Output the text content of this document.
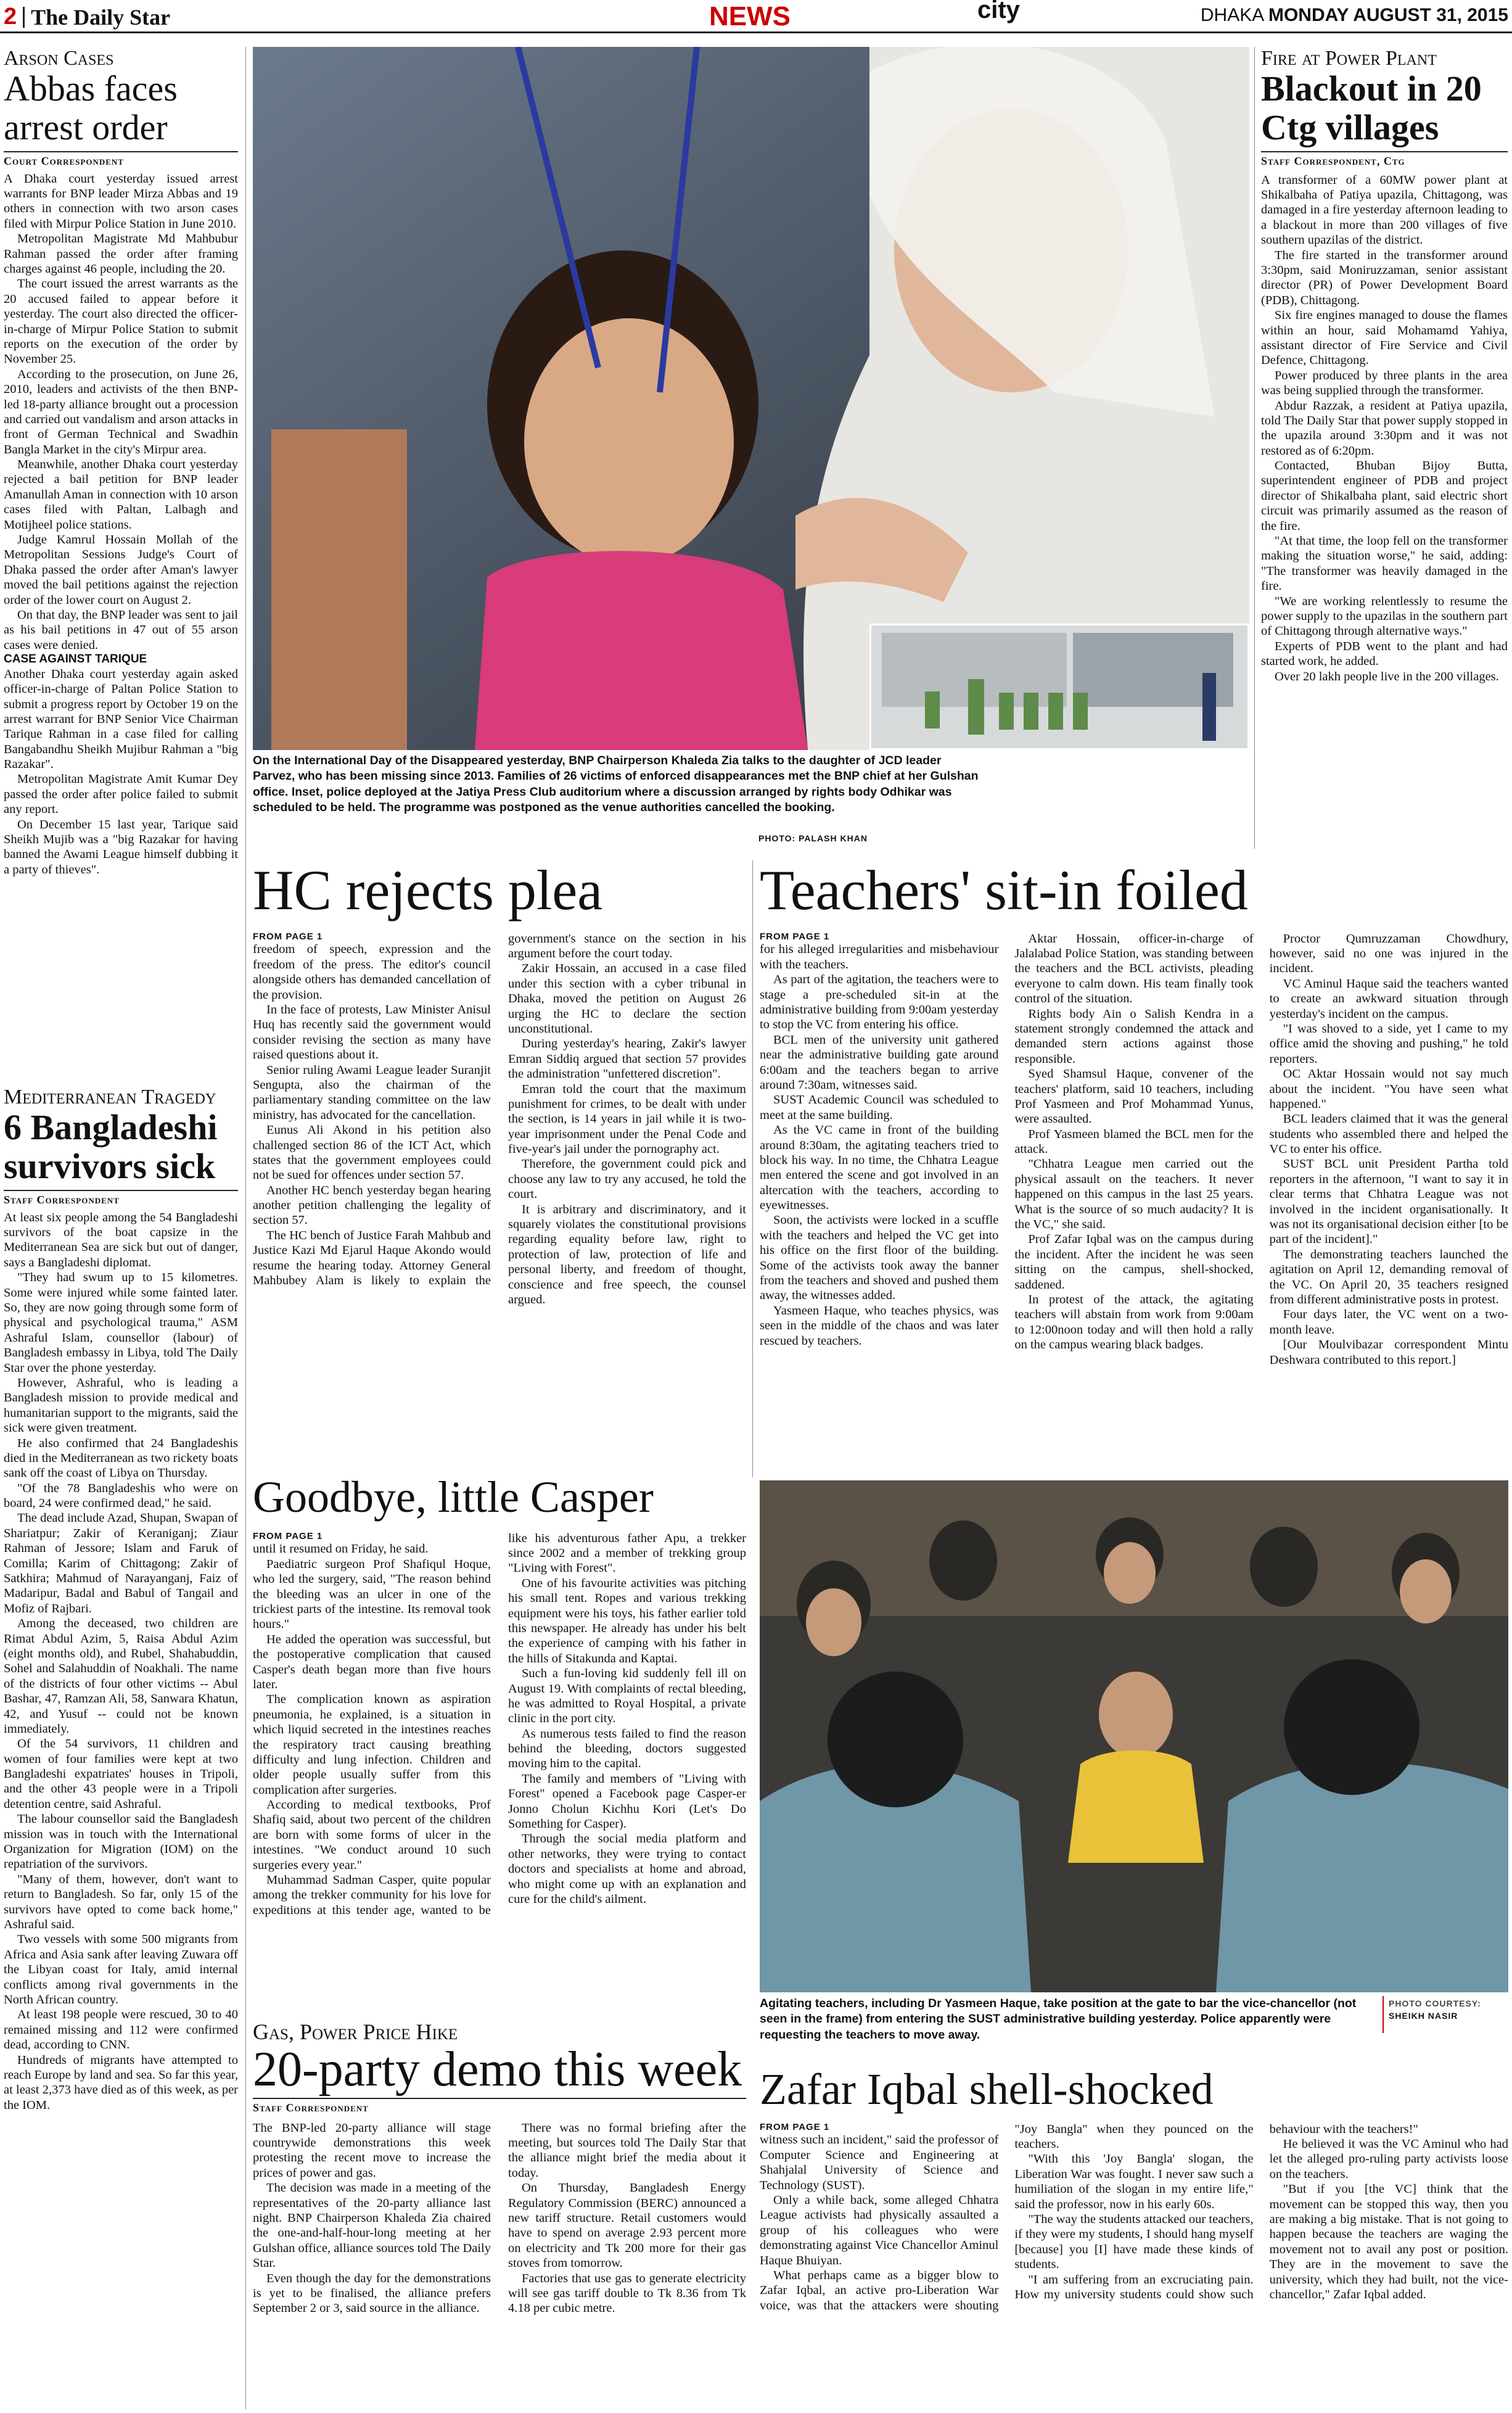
2 The Daily Star	NEWS	city	DHAKA MONDAY AUGUST 31, 2015
Arson Cases
Abbas faces arrest order
Court Correspondent

A Dhaka court yesterday issued arrest warrants for BNP leader Mirza Abbas and 19 others in connection with two arson cases filed with Mirpur Police Station in June 2010.

Metropolitan Magistrate Md Mahbubur Rahman passed the order after framing charges against 46 people, including the 20.

The court issued the arrest warrants as the 20 accused failed to appear before it yesterday. The court also directed the officer-in-charge of Mirpur Police Station to submit reports on the execution of the order by November 25.

According to the prosecution, on June 26, 2010, leaders and activists of the then BNP-led 18-party alliance brought out a procession and carried out vandalism and arson attacks in front of German Technical and Swadhin Bangla Market in the city's Mirpur area.

Meanwhile, another Dhaka court yesterday rejected a bail petition for BNP leader Amanullah Aman in connection with 10 arson cases filed with Paltan, Lalbagh and Motijheel police stations.

Judge Kamrul Hossain Mollah of the Metropolitan Sessions Judge's Court of Dhaka passed the order after Aman's lawyer moved the bail petitions against the rejection order of the lower court on August 2.

On that day, the BNP leader was sent to jail as his bail petitions in 47 out of 55 arson cases were denied.

CASE AGAINST TARIQUE

Another Dhaka court yesterday again asked officer-in-charge of Paltan Police Station to submit a progress report by October 19 on the arrest warrant for BNP Senior Vice Chairman Tarique Rahman in a case filed for calling Bangabandhu Sheikh Mujibur Rahman a "big Razakar".

Metropolitan Magistrate Amit Kumar Dey passed the order after police failed to submit any report.

On December 15 last year, Tarique said Sheikh Mujib was a "big Razakar for having banned the Awami League himself dubbing it a party of thieves".

Mediterranean Tragedy
6 Bangladeshi survivors sick
Staff Correspondent

At least six people among the 54 Bangladeshi survivors of the boat capsize in the Mediterranean Sea are sick but out of danger, says a Bangladeshi diplomat.

"They had swum up to 15 kilometres. Some were injured while some fainted later. So, they are now going through some form of physical and psychological trauma," ASM Ashraful Islam, counsellor (labour) of Bangladesh embassy in Libya, told The Daily Star over the phone yesterday.

However, Ashraful, who is leading a Bangladesh mission to provide medical and humanitarian support to the migrants, said the sick were given treatment.

He also confirmed that 24 Bangladeshis died in the Mediterranean as two rickety boats sank off the coast of Libya on Thursday.

"Of the 78 Bangladeshis who were on board, 24 were confirmed dead," he said.

The dead include Azad, Shupan, Swapan of Shariatpur; Zakir of Keraniganj; Ziaur Rahman of Jessore; Islam and Faruk of Comilla; Karim of Chittagong; Zakir of Satkhira; Mahmud of Narayanganj, Faiz of Madaripur, Badal and Babul of Tangail and Mofiz of Rajbari.

Among the deceased, two children are Rimat Abdul Azim, 5, Raisa Abdul Azim (eight months old), and Rubel, Shahabuddin, Sohel and Salahuddin of Noakhali. The name of the districts of four other victims -- Abul Bashar, 47, Ramzan Ali, 58, Sanwara Khatun, 42, and Yusuf -- could not be known immediately.

Of the 54 survivors, 11 children and women of four families were kept at two Bangladeshi expatriates' houses in Tripoli, and the other 43 people were in a Tripoli detention centre, said Ashraful.

The labour counsellor said the Bangladesh mission was in touch with the International Organization for Migration (IOM) on the repatriation of the survivors.

"Many of them, however, don't want to return to Bangladesh. So far, only 15 of the survivors have opted to come back home," Ashraful said.

Two vessels with some 500 migrants from Africa and Asia sank after leaving Zuwara off the Libyan coast for Italy, amid internal conflicts among rival governments in the North African country.

At least 198 people were rescued, 30 to 40 remained missing and 112 were confirmed dead, according to CNN.

Hundreds of migrants have attempted to reach Europe by land and sea. So far this year, at least 2,373 have died as of this week, as per the IOM.

On the International Day of the Disappeared yesterday, BNP Chairperson Khaleda Zia talks to the daughter of JCD leader Parvez, who has been missing since 2013. Families of 26 victims of enforced disappearances met the BNP chief at her Gulshan office. Inset, police deployed at the Jatiya Press Club auditorium where a discussion arranged by rights body Odhikar was scheduled to be held. The programme was postponed as the venue authorities cancelled the booking.
PHOTO: PALASH KHAN
Fire at Power Plant
Blackout in 20 Ctg villages
Staff Correspondent, Ctg

A transformer of a 60MW power plant at Shikalbaha of Patiya upazila, Chittagong, was damaged in a fire yesterday afternoon leading to a blackout in more than 200 villages of five southern upazilas of the district.

The fire started in the transformer around 3:30pm, said Moniruzzaman, senior assistant director (PR) of Power Development Board (PDB), Chittagong.

Six fire engines managed to douse the flames within an hour, said Mohamamd Yahiya, assistant director of Fire Service and Civil Defence, Chittagong.

Power produced by three plants in the area was being supplied through the transformer.

Abdur Razzak, a resident at Patiya upazila, told The Daily Star that power supply stopped in the upazila around 3:30pm and it was not restored as of 6:20pm.

Contacted, Bhuban Bijoy Butta, superintendent engineer of PDB and project director of Shikalbaha plant, said electric short circuit was primarily assumed as the reason of the fire.

"At that time, the loop fell on the transformer making the situation worse," he said, adding: "The transformer was heavily damaged in the fire.

"We are working relentlessly to resume the power supply to the upazilas in the southern part of Chittagong through alternative ways."

Experts of PDB went to the plant and had started work, he added.

Over 20 lakh people live in the 200 villages.

HC rejects plea
FROM PAGE 1

freedom of speech, expression and the freedom of the press. The editor's council alongside others has demanded cancellation of the provision.

In the face of protests, Law Minister Anisul Huq has recently said the government would consider revising the section as many have raised questions about it.

Senior ruling Awami League leader Suranjit Sengupta, also the chairman of the parliamentary standing committee on the law ministry, has advocated for the cancellation.

Eunus Ali Akond in his petition also challenged section 86 of the ICT Act, which states that the government employees could not be sued for offences under section 57.

Another HC bench yesterday began hearing another petition challenging the legality of section 57.

The HC bench of Justice Farah Mahbub and Justice Kazi Md Ejarul Haque Akondo would resume the hearing today. Attorney General Mahbubey Alam is likely to explain the government's stance on the section in his argument before the court today.

Zakir Hossain, an accused in a case filed under this section with a cyber tribunal in Dhaka, moved the petition on August 26 urging the HC to declare the section unconstitutional.

During yesterday's hearing, Zakir's lawyer Emran Siddiq argued that section 57 provides the administration "unfettered discretion".

Emran told the court that the maximum punishment for crimes, to be dealt with under the section, is 14 years in jail while it is two-year imprisonment under the Penal Code and five-year's jail under the pornography act.

Therefore, the government could pick and choose any law to try any accused, he told the court.

It is arbitrary and discriminatory, and it squarely violates the constitutional provisions regarding equality before law, right to protection of law, protection of life and personal liberty, and freedom of thought, conscience and free speech, the counsel argued.

Teachers' sit-in foiled
FROM PAGE 1

for his alleged irregularities and misbehaviour with the teachers.

As part of the agitation, the teachers were to stage a pre-scheduled sit-in at the administrative building from 9:00am yesterday to stop the VC from entering his office.

BCL men of the university unit gathered near the administrative building gate around 6:00am and the teachers began to arrive around 7:30am, witnesses said.

SUST Academic Council was scheduled to meet at the same building.

As the VC came in front of the building around 8:30am, the agitating teachers tried to block his way. In no time, the Chhatra League men entered the scene and got involved in an altercation with the teachers, according to eyewitnesses.

Soon, the activists were locked in a scuffle with the teachers and helped the VC get into his office on the first floor of the building. Some of the activists took away the banner from the teachers and shoved and pushed them away, the witnesses added.

Yasmeen Haque, who teaches physics, was seen in the middle of the chaos and was later rescued by teachers.

Aktar Hossain, officer-in-charge of Jalalabad Police Station, was standing between the teachers and the BCL activists, pleading everyone to calm down. His team finally took control of the situation.

Rights body Ain o Salish Kendra in a statement strongly condemned the attack and demanded stern actions against those responsible.

Syed Shamsul Haque, convener of the teachers' platform, said 10 teachers, including Prof Yasmeen and Prof Mohammad Yunus, were assaulted.

Prof Yasmeen blamed the BCL men for the attack.

"Chhatra League men carried out the physical assault on the teachers. It never happened on this campus in the last 25 years. What is the source of so much audacity? It is the VC," she said.

Prof Zafar Iqbal was on the campus during the incident. After the incident he was seen sitting on the campus, shell-shocked, saddened.

In protest of the attack, the agitating teachers will abstain from work from 9:00am to 12:00noon today and will then hold a rally on the campus wearing black badges.

Proctor Qumruzzaman Chowdhury, however, said no one was injured in the incident.

VC Aminul Haque said the teachers wanted to create an awkward situation through yesterday's incident on the campus.

"I was shoved to a side, yet I came to my office amid the shoving and pushing," he told reporters.

OC Aktar Hossain would not say much about the incident. "You have seen what happened."

BCL leaders claimed that it was the general students who assembled there and helped the VC to enter his office.

SUST BCL unit President Partha told reporters in the afternoon, "I want to say it in clear terms that Chhatra League was not involved in the incident organisationally. It was not its organisational decision either [to be part of the incident]."

The demonstrating teachers launched the agitation on April 12, demanding removal of the VC. On April 20, 35 teachers resigned from different administrative posts in protest.

Four days later, the VC went on a two-month leave.

[Our Moulvibazar correspondent Mintu Deshwara contributed to this report.]

Goodbye, little Casper
FROM PAGE 1

until it resumed on Friday, he said.

Paediatric surgeon Prof Shafiqul Hoque, who led the surgery, said, "The reason behind the bleeding was an ulcer in one of the trickiest parts of the intestine. Its removal took hours."

He added the operation was successful, but the postoperative complication that caused Casper's death began more than five hours later.

The complication known as aspiration pneumonia, he explained, is a situation in which liquid secreted in the intestines reaches the respiratory tract causing breathing difficulty and lung infection. Children and older people usually suffer from this complication after surgeries.

According to medical textbooks, Prof Shafiq said, about two percent of the children are born with some forms of ulcer in the intestines. "We conduct around 10 such surgeries every year."

Muhammad Sadman Casper, quite popular among the trekker community for his love for expeditions at this tender age, wanted to be like his adventurous father Apu, a trekker since 2002 and a member of trekking group "Living with Forest".

One of his favourite activities was pitching his small tent. Ropes and various trekking equipment were his toys, his father earlier told this newspaper. He already has under his belt the experience of camping with his father in the hills of Sitakunda and Kaptai.

Such a fun-loving kid suddenly fell ill on August 19. With complaints of rectal bleeding, he was admitted to Royal Hospital, a private clinic in the port city.

As numerous tests failed to find the reason behind the bleeding, doctors suggested moving him to the capital.

The family and members of "Living with Forest" opened a Facebook page Casper-er Jonno Cholun Kichhu Kori (Let's Do Something for Casper).

Through the social media platform and other networks, they were trying to contact doctors and specialists at home and abroad, who might come up with an explanation and cure for the child's ailment.

Gas, Power Price Hike
20-party demo this week
Staff Correspondent

The BNP-led 20-party alliance will stage countrywide demonstrations this week protesting the recent move to increase the prices of power and gas.

The decision was made in a meeting of the representatives of the 20-party alliance last night. BNP Chairperson Khaleda Zia chaired the one-and-half-hour-long meeting at her Gulshan office, alliance sources told The Daily Star.

Even though the day for the demonstrations is yet to be finalised, the alliance prefers September 2 or 3, said source in the alliance.

There was no formal briefing after the meeting, but sources told The Daily Star that the alliance might brief the media about it today.

On Thursday, Bangladesh Energy Regulatory Commission (BERC) announced a new tariff structure. Retail customers would have to spend on average 2.93 percent more on electricity and Tk 200 more for their gas stoves from tomorrow.

Factories that use gas to generate electricity will see gas tariff double to Tk 8.36 from Tk 4.18 per cubic metre.

Agitating teachers, including Dr Yasmeen Haque, take position at the gate to bar the vice-chancellor (not seen in the frame) from entering the SUST administrative building yesterday. Police apparently were requesting the teachers to move away.
PHOTO COURTESY:
SHEIKH NASIR
Zafar Iqbal shell-shocked
FROM PAGE 1

witness such an incident," said the professor of Computer Science and Engineering at Shahjalal University of Science and Technology (SUST).

Only a while back, some alleged Chhatra League activists had physically assaulted a group of his colleagues who were demonstrating against Vice Chancellor Aminul Haque Bhuiyan.

What perhaps came as a bigger blow to Zafar Iqbal, an active pro-Liberation War voice, was that the attackers were shouting "Joy Bangla" when they pounced on the teachers.

"With this 'Joy Bangla' slogan, the Liberation War was fought. I never saw such a humiliation of the slogan in my entire life," said the professor, now in his early 60s.

"The way the students attacked our teachers, if they were my students, I should hang myself [because] you [I] have made these kinds of students.

"I am suffering from an excruciating pain. How my university students could show such behaviour with the teachers!"

He believed it was the VC Aminul who had let the alleged pro-ruling party activists loose on the teachers.

"But if you [the VC] think that the movement can be stopped this way, then you are making a big mistake. That is not going to happen because the teachers are waging the movement not to avail any post or position. They are in the movement to save the university, which they had built, not the vice-chancellor," Zafar Iqbal added.
